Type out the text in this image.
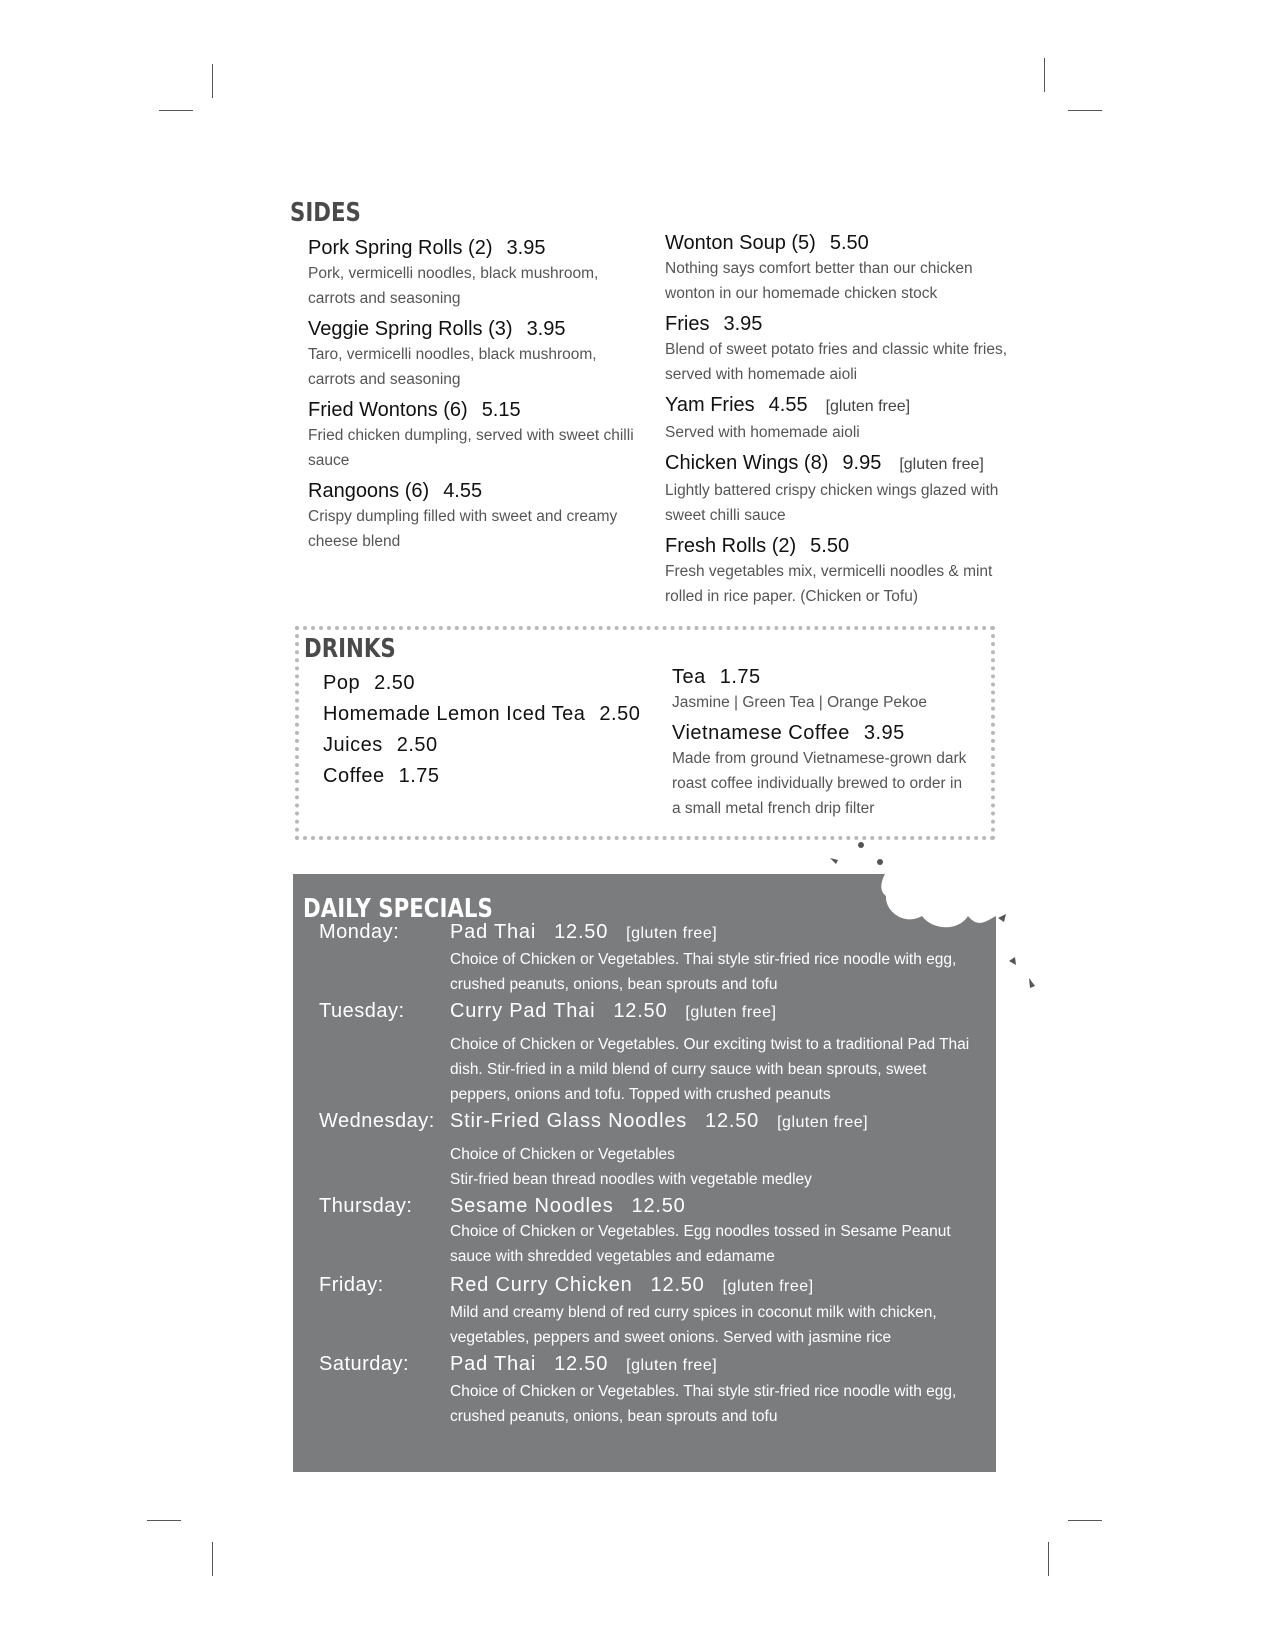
SIDES
Pork Spring Rolls (2) 3.95
Pork, vermicelli noodles, black mushroom, carrots and seasoning
Veggie Spring Rolls (3) 3.95
Taro, vermicelli noodles, black mushroom, carrots and seasoning
Fried Wontons (6) 5.15
Fried chicken dumpling, served with sweet chilli sauce
Rangoons (6) 4.55
Crispy dumpling filled with sweet and creamy cheese blend
Wonton Soup (5) 5.50
Nothing says comfort better than our chicken wonton in our homemade chicken stock
Fries 3.95
Blend of sweet potato fries and classic white fries, served with homemade aioli
Yam Fries 4.55 [gluten free]
Served with homemade aioli
Chicken Wings (8) 9.95 [gluten free]
Lightly battered crispy chicken wings glazed with sweet chilli sauce
Fresh Rolls (2) 5.50
Fresh vegetables mix, vermicelli noodles & mint rolled in rice paper. (Chicken or Tofu)
DRINKS
Pop 2.50
Homemade Lemon Iced Tea 2.50
Juices 2.50
Coffee 1.75
Tea 1.75
Jasmine | Green Tea | Orange Pekoe
Vietnamese Coffee 3.95
Made from ground Vietnamese-grown dark roast coffee individually brewed to order in a small metal french drip filter
DAILY SPECIALS
Monday:	Pad Thai 12.50 [gluten free]
Choice of Chicken or Vegetables. Thai style stir-fried rice noodle with egg, crushed peanuts, onions, bean sprouts and tofu
Tuesday: Curry Pad Thai 12.50 [gluten free]
Choice of Chicken or Vegetables. Our exciting twist to a traditional Pad Thai dish. Stir-fried in a mild blend of curry sauce with bean sprouts, sweet peppers, onions and tofu. Topped with crushed peanuts
Wednesday: Stir-Fried Glass Noodles 12.50 [gluten free]
Choice of Chicken or Vegetables
Stir-fried bean thread noodles with vegetable medley
Thursday: Sesame Noodles 12.50
Choice of Chicken or Vegetables. Egg noodles tossed in Sesame Peanut sauce with shredded vegetables and edamame
Friday:	Red Curry Chicken 12.50 [gluten free]
Mild and creamy blend of red curry spices in coconut milk with chicken, vegetables, peppers and sweet onions. Served with jasmine rice
Saturday: Pad Thai 12.50 [gluten free]
Choice of Chicken or Vegetables. Thai style stir-fried rice noodle with egg, crushed peanuts, onions, bean sprouts and tofu
